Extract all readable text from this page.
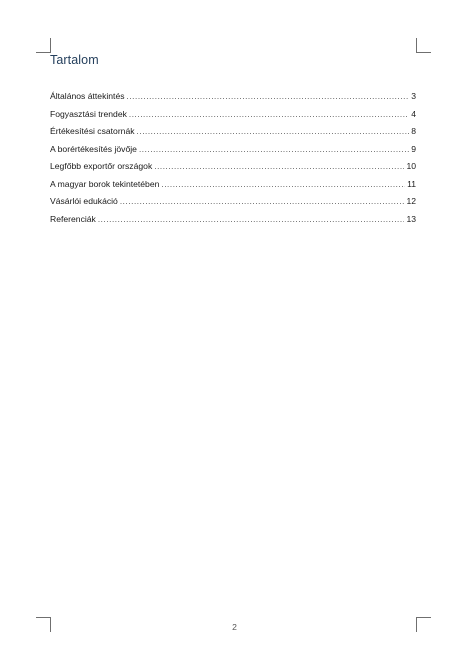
Tartalom
Általános áttekintés .....	3
Fogyasztási trendek .....	4
Értékesítési csatornák .....	8
A borértékesítés jövője .....	9
Legfőbb exportőr országok .....	10
A magyar borok tekintetében .....	11
Vásárlói edukáció .....	12
Referenciák .....	13
2
